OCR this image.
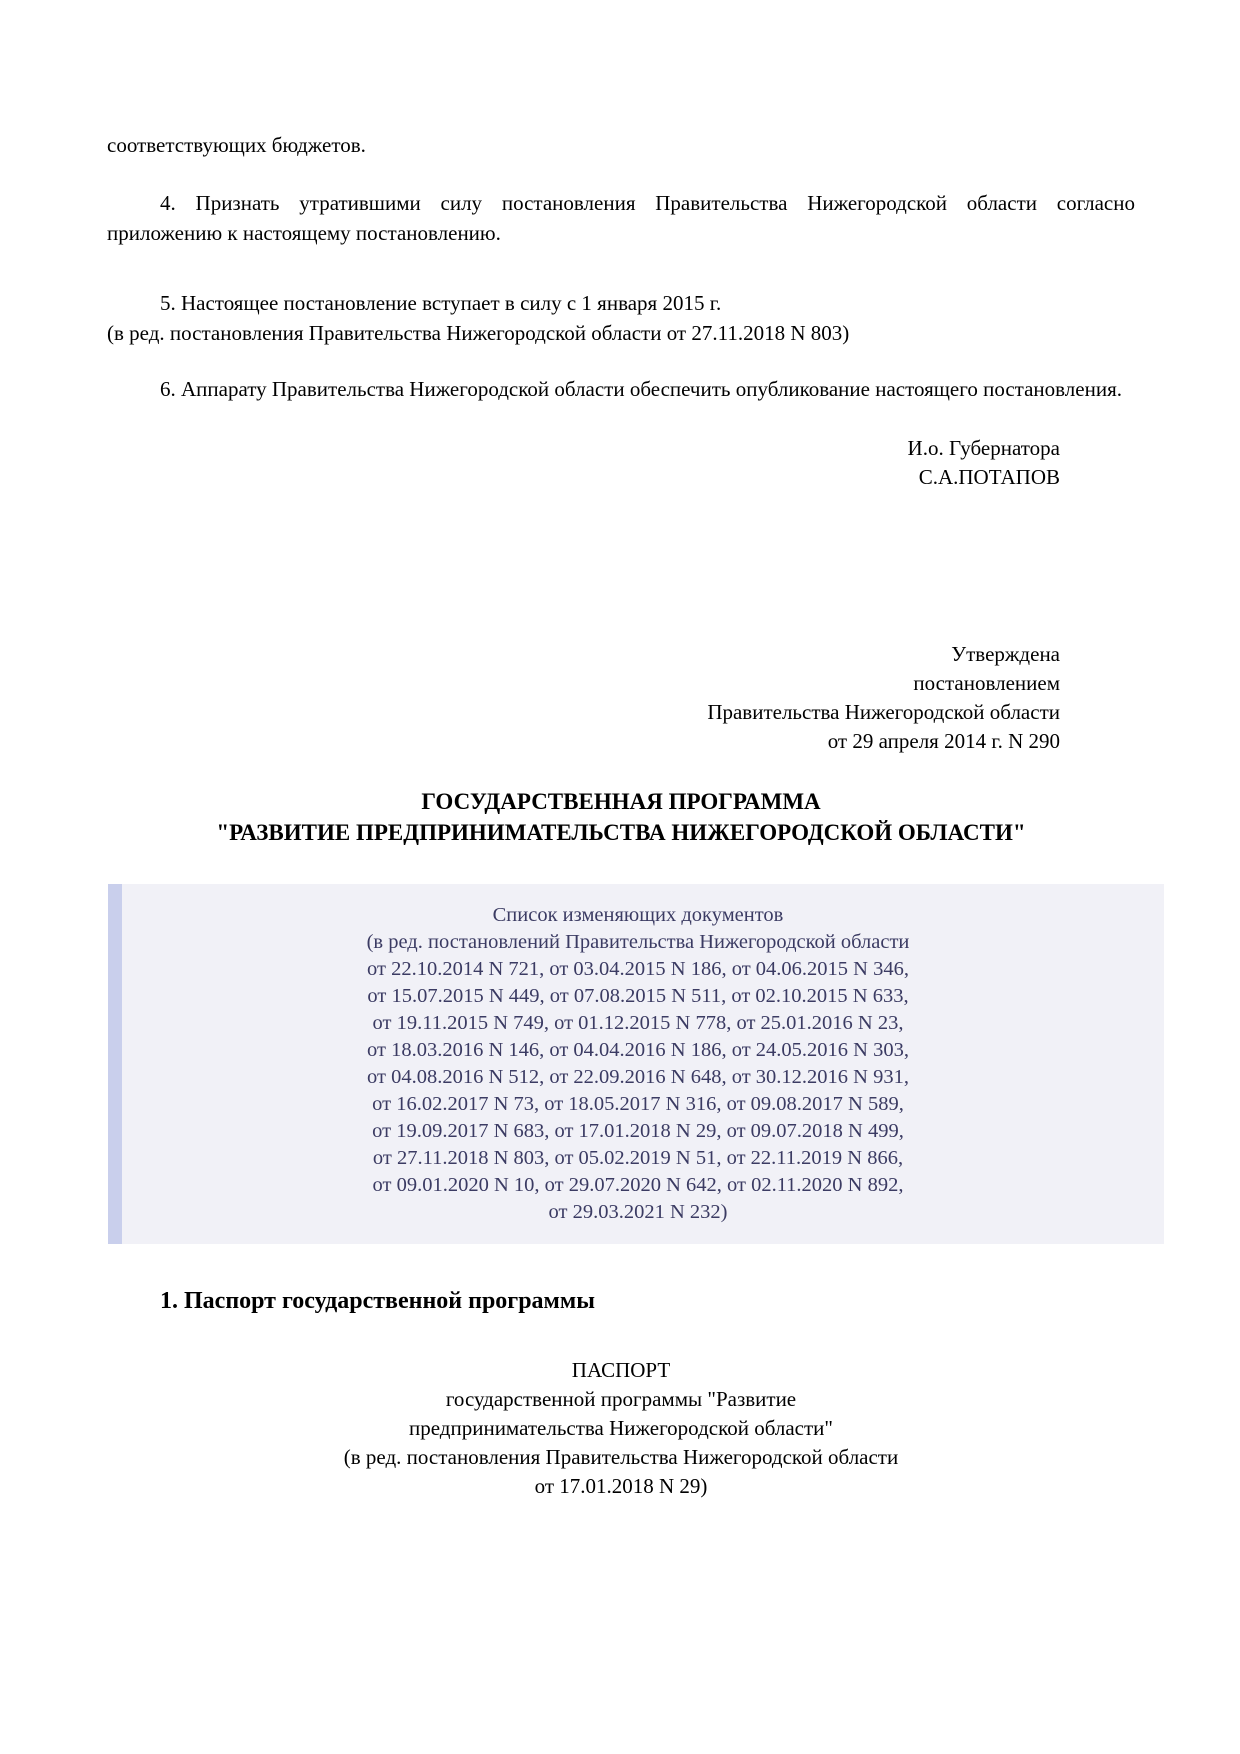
соответствующих бюджетов.

4. Признать утратившими силу постановления Правительства Нижегородской области согласно приложению к настоящему постановлению.

5. Настоящее постановление вступает в силу с 1 января 2015 г.

(в ред. постановления Правительства Нижегородской области от 27.11.2018 N 803)

6. Аппарату Правительства Нижегородской области обеспечить опубликование настоящего постановления.

И.о. Губернатора
С.А.ПОТАПОВ
Утверждена
постановлением
Правительства Нижегородской области
от 29 апреля 2014 г. N 290
ГОСУДАРСТВЕННАЯ ПРОГРАММА
"РАЗВИТИЕ ПРЕДПРИНИМАТЕЛЬСТВА НИЖЕГОРОДСКОЙ ОБЛАСТИ"
Список изменяющих документов
(в ред. постановлений Правительства Нижегородской области
от 22.10.2014 N 721, от 03.04.2015 N 186, от 04.06.2015 N 346,
от 15.07.2015 N 449, от 07.08.2015 N 511, от 02.10.2015 N 633,
от 19.11.2015 N 749, от 01.12.2015 N 778, от 25.01.2016 N 23,
от 18.03.2016 N 146, от 04.04.2016 N 186, от 24.05.2016 N 303,
от 04.08.2016 N 512, от 22.09.2016 N 648, от 30.12.2016 N 931,
от 16.02.2017 N 73, от 18.05.2017 N 316, от 09.08.2017 N 589,
от 19.09.2017 N 683, от 17.01.2018 N 29, от 09.07.2018 N 499,
от 27.11.2018 N 803, от 05.02.2019 N 51, от 22.11.2019 N 866,
от 09.01.2020 N 10, от 29.07.2020 N 642, от 02.11.2020 N 892,
от 29.03.2021 N 232)
1. Паспорт государственной программы
ПАСПОРТ
государственной программы "Развитие
предпринимательства Нижегородской области"
(в ред. постановления Правительства Нижегородской области
от 17.01.2018 N 29)
